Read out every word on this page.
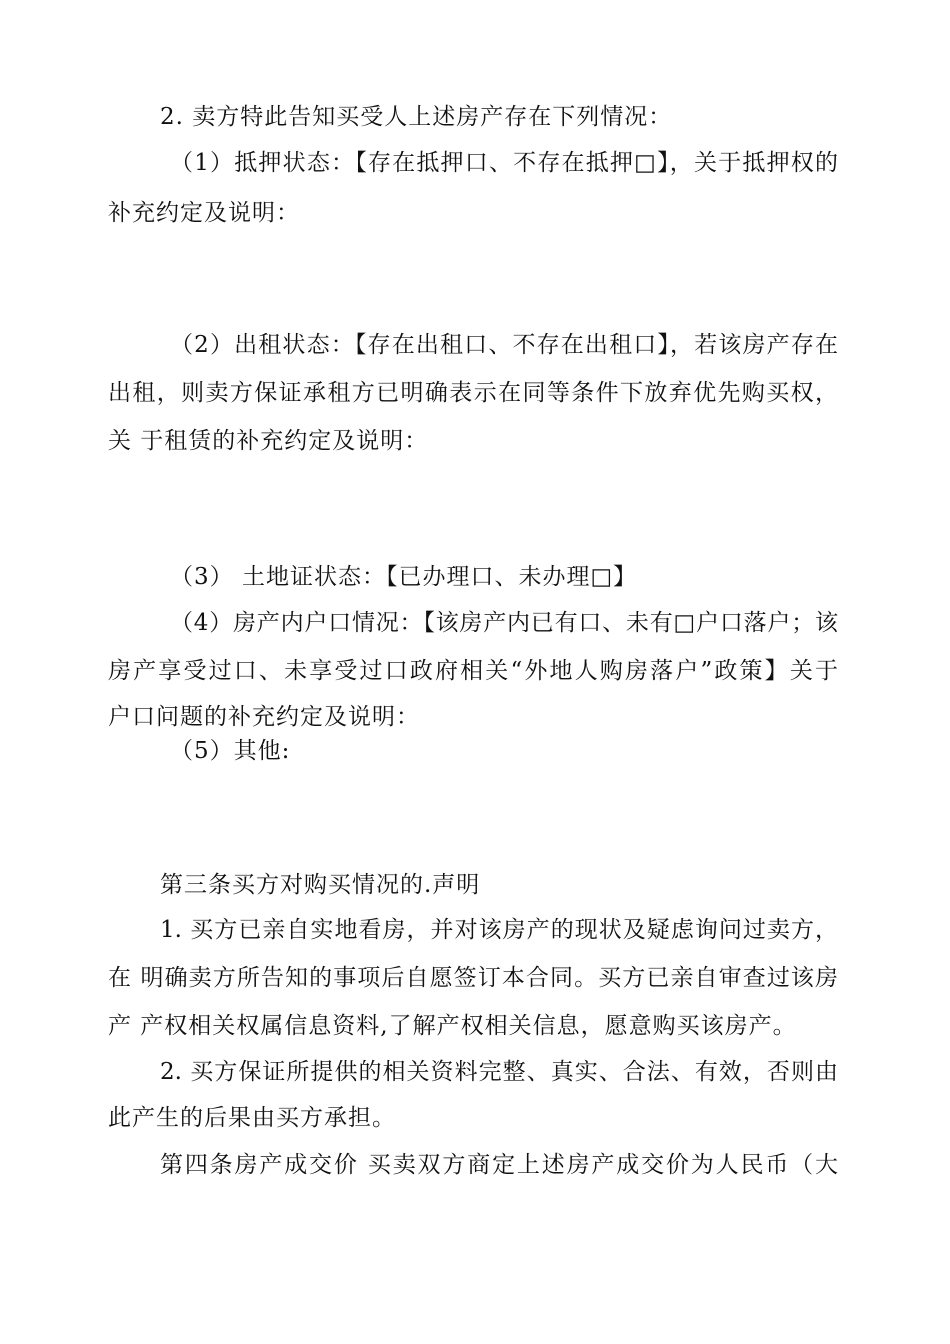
2. 卖方特此告知买受人上述房产存在下列情况：
（1）抵押状态：【存在抵押口、不存在抵押□】，关于抵押权的
补充约定及说明：
（2）出租状态：【存在出租口、不存在出租口】，若该房产存在
出租，则卖方保证承租方已明确表示在同等条件下放弃优先购买权，
关 于租赁的补充约定及说明：
（3） 土地证状态：【已办理口、未办理□】
（4）房产内户口情况：【该房产内已有口、未有□户口落户；该
房产享受过口、未享受过口政府相关“外地人购房落户”政策】关于
户口问题的补充约定及说明：
（5）其他:
第三条买方对购买情况的.声明
1. 买方已亲自实地看房，并对该房产的现状及疑虑询问过卖方，
在 明确卖方所告知的事项后自愿签订本合同。买方已亲自审查过该房
产 产权相关权属信息资料,了解产权相关信息，愿意购买该房产。
2. 买方保证所提供的相关资料完整、真实、合法、有效，否则由
此产生的后果由买方承担。
第四条房产成交价 买卖双方商定上述房产成交价为人民币（大
